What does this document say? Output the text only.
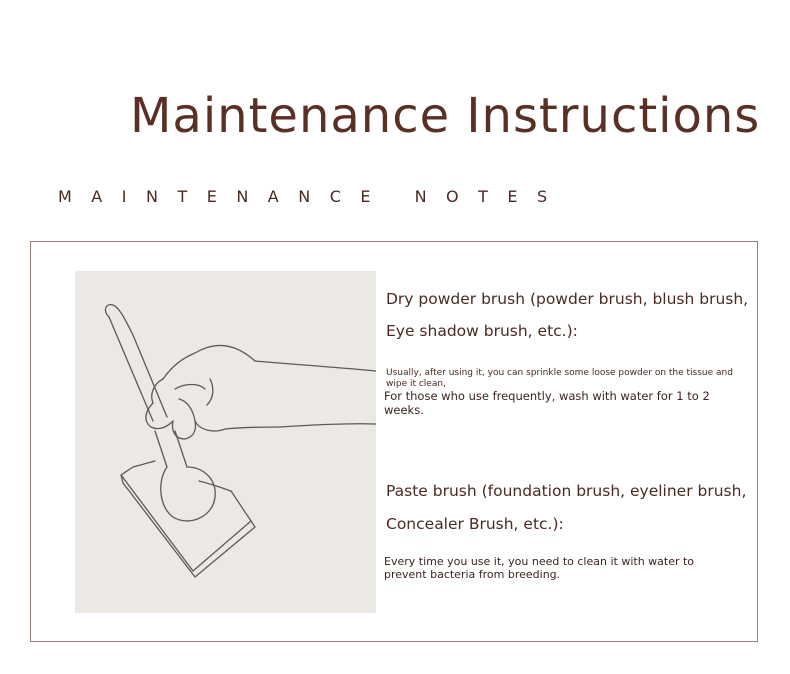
Maintenance Instructions
MAINTENANCE NOTES
Dry powder brush (powder brush, blush brush,
Eye shadow brush, etc.):
Usually, after using it, you can sprinkle some loose powder on the tissue and wipe it clean,
For those who use frequently, wash with water for 1 to 2 weeks.
Paste brush (foundation brush, eyeliner brush,
Concealer Brush, etc.):
Every time you use it, you need to clean it with water to prevent bacteria from breeding.
